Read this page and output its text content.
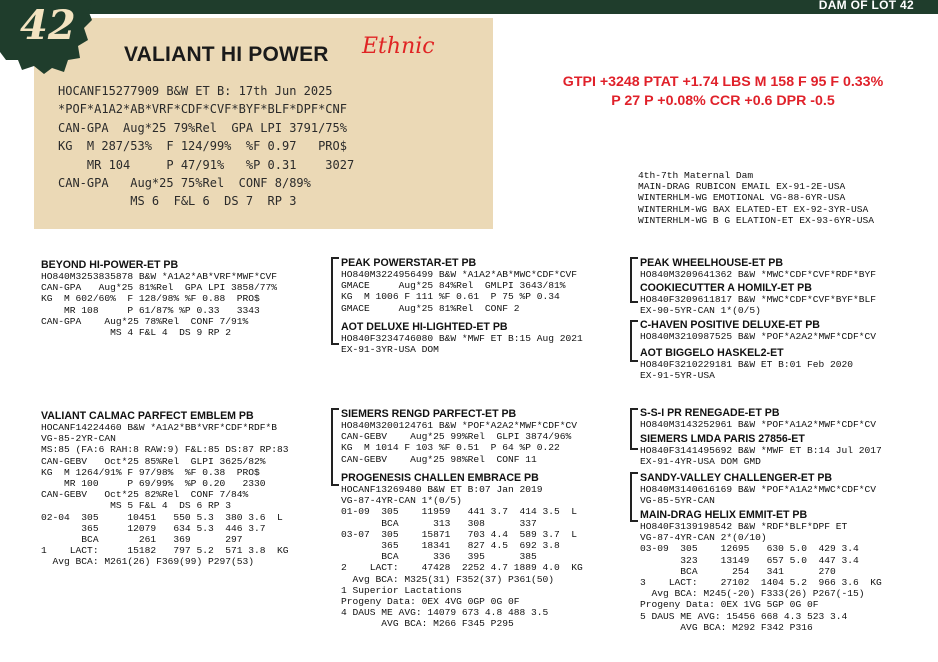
DAM OF LOT 42
42
VALIANT HI POWER Ethnic
HOCANF15277909 B&W ET B: 17th Jun 2025
*POF*A1A2*AB*VRF*CDF*CVF*BYF*BLF*DPF*CNF
CAN-GPA  Aug*25 79%Rel  GPA LPI 3791/75%
KG  M 287/53%  F 124/99%  %F 0.97   PRO$
MR 104     P 47/91%   %P 0.31    3027
CAN-GPA   Aug*25 75%Rel  CONF 8/89%
MS 6  F&L 6  DS 7  RP 3
GTPI +3248 PTAT +1.74 LBS M 158 F 95 F 0.33%
P 27 P +0.08% CCR +0.6 DPR -0.5
4th-7th Maternal Dam
MAIN-DRAG RUBICON EMAIL EX-91-2E-USA
WINTERHLM-WG EMOTIONAL VG-88-6YR-USA
WINTERHLM-WG BAX ELATED-ET EX-92-3YR-USA
WINTERHLM-WG B G ELATION-ET EX-93-6YR-USA
BEYOND HI-POWER-ET PB
HO840M3253835878 B&W *A1A2*AB*VRF*MWF*CVF
CAN-GPA   Aug*25 81%Rel  GPA LPI 3858/77%
KG  M 602/60%  F 128/98% %F 0.88  PRO$
MR 108     P 61/87% %P 0.33   3343
CAN-GPA    Aug*25 78%Rel  CONF 7/91%
MS 4 F&L 4  DS 9 RP 2
PEAK POWERSTAR-ET PB
HO840M3224956499 B&W *A1A2*AB*MWC*CDF*CVF
GMACE     Aug*25 84%Rel  GMLPI 3643/81%
KG  M 1006 F 111 %F 0.61  P 75 %P 0.34
GMACE     Aug*25 81%Rel  CONF 2
AOT DELUXE HI-LIGHTED-ET PB
HO840F3234746080 B&W *MWF ET B:15 Aug 2021
EX-91-3YR-USA DOM
PEAK WHEELHOUSE-ET PB
HO840M3209641362 B&W *MWC*CDF*CVF*RDF*BYF
COOKIECUTTER A HOMILY-ET PB
HO840F3209611817 B&W *MWC*CDF*CVF*BYF*BLF
EX-90-5YR-CAN 1*(0/5)
C-HAVEN POSITIVE DELUXE-ET PB
HO840M3210987525 B&W *POF*A2A2*MWF*CDF*CV
AOT BIGGELO HASKEL2-ET
HO840F3210229181 B&W ET B:01 Feb 2020
EX-91-5YR-USA
VALIANT CALMAC PARFECT EMBLEM PB
HOCANF14224460 B&W *A1A2*BB*VRF*CDF*RDF*B
VG-85-2YR-CAN
MS:85 (FA:6 RAH:8 RAW:9) F&L:85 DS:87 RP:83
CAN-GEBV   Oct*25 85%Rel  GLPI 3625/82%
KG  M 1264/91% F 97/98%  %F 0.38  PRO$
MR 100     P 69/99%  %P 0.20   2330
CAN-GEBV   Oct*25 82%Rel  CONF 7/84%
MS 5 F&L 4  DS 6 RP 3
02-04  305     10451   550 5.3  380 3.6  L
365     12079   634 5.3  446 3.7
BCA       261   369      297
1    LACT:     15182   797 5.2  571 3.8  KG
Avg BCA: M261(26) F369(99) P297(53)
SIEMERS RENGD PARFECT-ET PB
HO840M3200124761 B&W *POF*A2A2*MWF*CDF*CV
CAN-GEBV    Aug*25 99%Rel  GLPI 3874/96%
KG  M 1014 F 103 %F 0.51  P 64 %P 0.22
CAN-GEBV    Aug*25 98%Rel  CONF 11
PROGENESIS CHALLEN EMBRACE PB
HOCANF13269480 B&W ET B:07 Jan 2019
VG-87-4YR-CAN 1*(0/5)
01-09  305    11959   441 3.7  414 3.5  L
BCA      313   308      337
03-07  305    15871   703 4.4  589 3.7  L
365    18341   827 4.5  692 3.8
BCA      336   395      385
2    LACT:    47428  2252 4.7 1889 4.0  KG
Avg BCA: M325(31) F352(37) P361(50)
1 Superior Lactations
Progeny Data: 0EX 4VG 0GP 0G 0F
4 DAUS ME AVG: 14079 673 4.8 488 3.5
AVG BCA: M266 F345 P295
S-S-I PR RENEGADE-ET PB
HO840M3143252961 B&W *POF*A1A2*MWF*CDF*CV
SIEMERS LMDA PARIS 27856-ET
HO840F3141495692 B&W *MWF ET B:14 Jul 2017
EX-91-4YR-USA DOM GMD
SANDY-VALLEY CHALLENGER-ET PB
HO840M3140616169 B&W *POF*A1A2*MWC*CDF*CV
VG-85-5YR-CAN
MAIN-DRAG HELIX EMMIT-ET PB
HO840F3139198542 B&W *RDF*BLF*DPF ET
VG-87-4YR-CAN 2*(0/10)
03-09  305    12695   630 5.0  429 3.4
323    13149   657 5.0  447 3.4
BCA      254   341      270
3    LACT:    27102  1404 5.2  966 3.6  KG
Avg BCA: M245(-20) F333(26) P267(-15)
Progeny Data: 0EX 1VG 5GP 0G 0F
5 DAUS ME AVG: 15456 668 4.3 523 3.4
AVG BCA: M292 F342 P316
